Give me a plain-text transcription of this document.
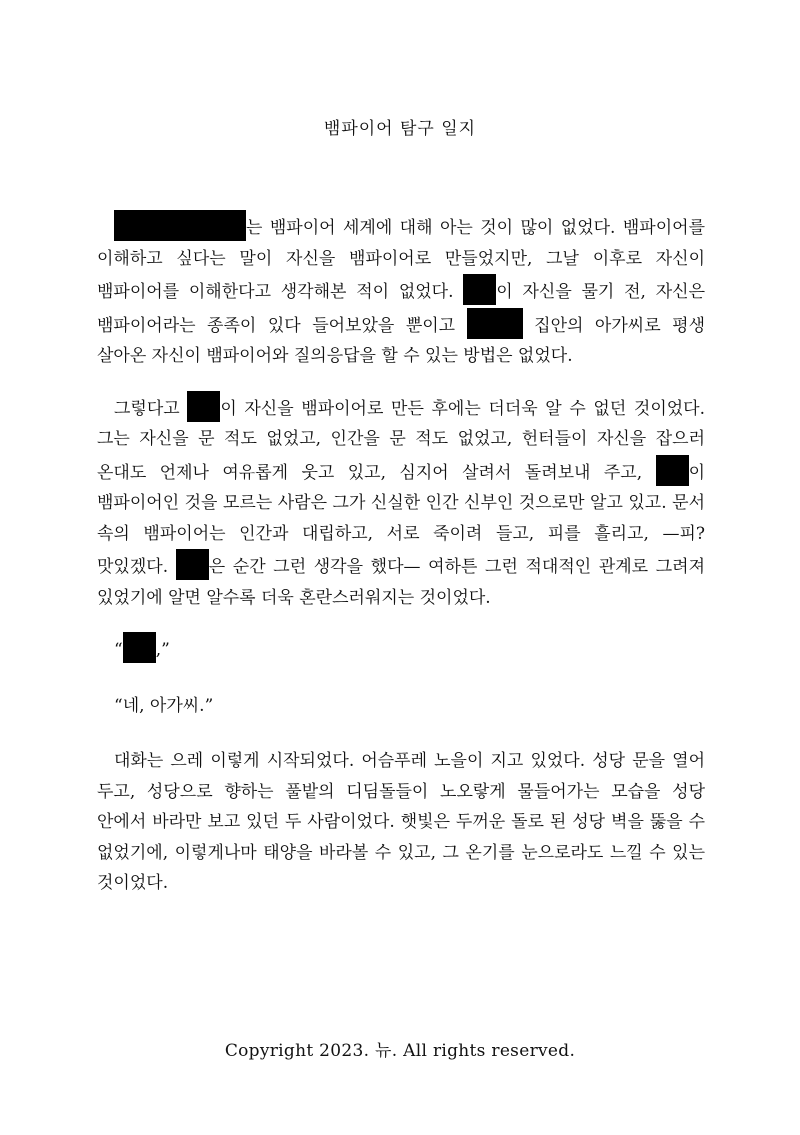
뱀파이어 탐구 일지

는 뱀파이어 세계에 대해 아는 것이 많이 없었다. 뱀파이어를 이해하고 싶다는 말이 자신을 뱀파이어로 만들었지만, 그날 이후로 자신이 뱀파이어를 이해한다고 생각해본 적이 없었다. 이 자신을 물기 전, 자신은 뱀파이어라는 종족이 있다 들어보았을 뿐이고	집안의 아가씨로 평생 살아온 자신이 뱀파이어와 질의응답을 할 수 있는 방법은 없었다.

그렇다고 이 자신을 뱀파이어로 만든 후에는 더더욱 알 수 없던 것이었다. 그는 자신을 문 적도 없었고, 인간을 문 적도 없었고, 헌터들이 자신을 잡으러 온대도 언제나 여유롭게 웃고 있고, 심지어 살려서 돌려보내 주고, 이 뱀파이어인 것을 모르는 사람은 그가 신실한 인간 신부인 것으로만 알고 있고. 문서 속의 뱀파이어는 인간과 대립하고, 서로 죽이려 들고, 피를 흘리고, —피? 맛있겠다. 은 순간 그런 생각을 했다— 여하튼 그런 적대적인 관계로 그려져 있었기에 알면 알수록 더욱 혼란스러워지는 것이었다.

“ ,”

“네, 아가씨.”

대화는 으레 이렇게 시작되었다. 어슴푸레 노을이 지고 있었다. 성당 문을 열어 두고, 성당으로 향하는 풀밭의 디딤돌들이 노오랗게 물들어가는 모습을 성당 안에서 바라만 보고 있던 두 사람이었다. 햇빛은 두꺼운 돌로 된 성당 벽을 뚫을 수 없었기에, 이렇게나마 태양을 바라볼 수 있고, 그 온기를 눈으로라도 느낄 수 있는 것이었다.

Copyright 2023. 뉴. All rights reserved.
